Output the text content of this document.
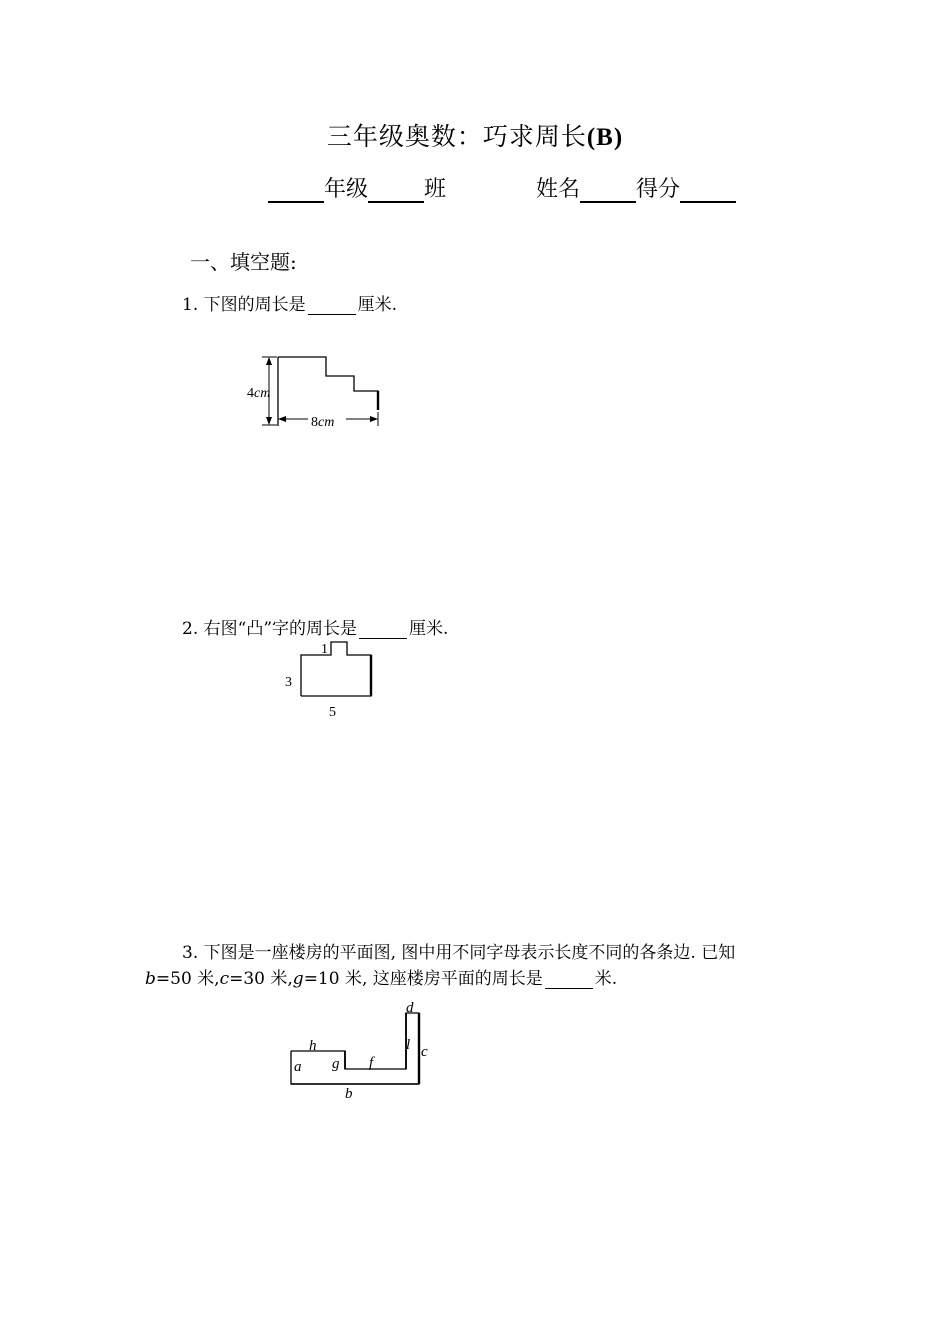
三年级奥数：巧求周长(B)
年级	班	姓名	得分
一、填空题:
1. 下图的周长是	厘米.
4cm
8cm
2. 右图“凸”字的周长是	厘米.
1
3
5
3. 下图是一座楼房的平面图, 图中用不同字母表示长度不同的各条边. 已知
b=50 米,c=30 米,g=10 米, 这座楼房平面的周长是	米.
h
a g f
d
l c
b
